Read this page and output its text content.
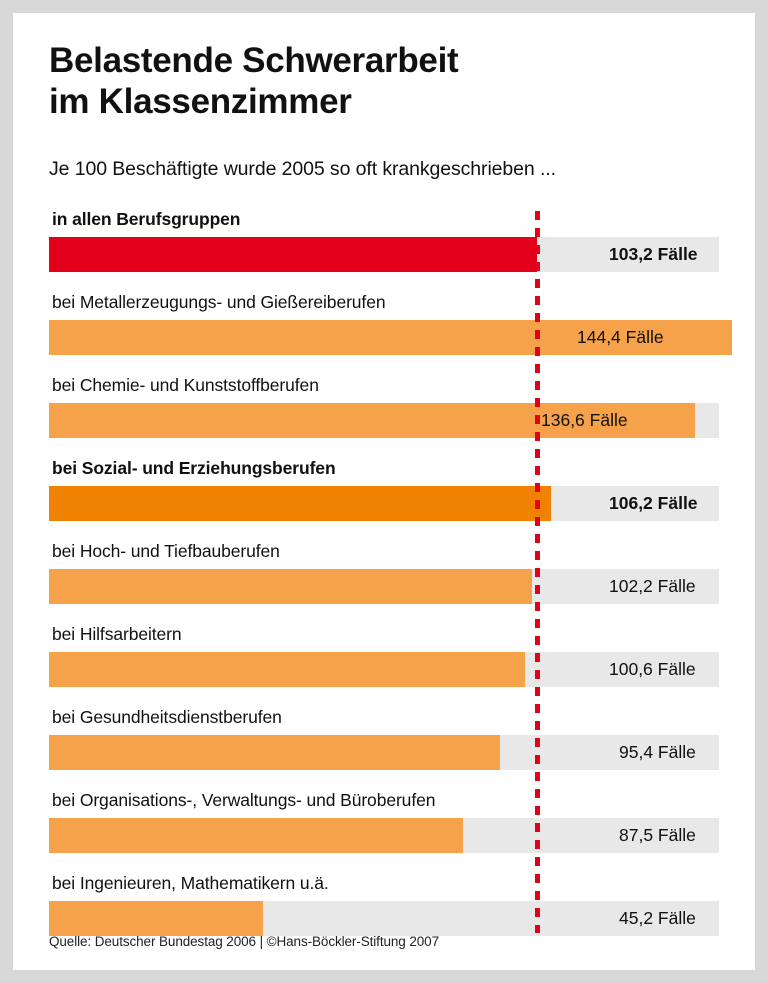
Belastende Schwerarbeit
im Klassenzimmer
Je 100 Beschäftigte wurde 2005 so oft krankgeschrieben ...
in allen Berufsgruppen
103,2 Fälle
bei Metallerzeugungs- und Gießereiberufen
144,4 Fälle
bei Chemie- und Kunststoffberufen
136,6 Fälle
bei Sozial- und Erziehungsberufen
106,2 Fälle
bei Hoch- und Tiefbauberufen
102,2 Fälle
bei Hilfsarbeitern
100,6 Fälle
bei Gesundheitsdienstberufen
95,4 Fälle
bei Organisations-, Verwaltungs- und Büroberufen
87,5 Fälle
bei Ingenieuren, Mathematikern u.ä.
45,2 Fälle
Quelle: Deutscher Bundestag 2006 | ©Hans-Böckler-Stiftung 2007
